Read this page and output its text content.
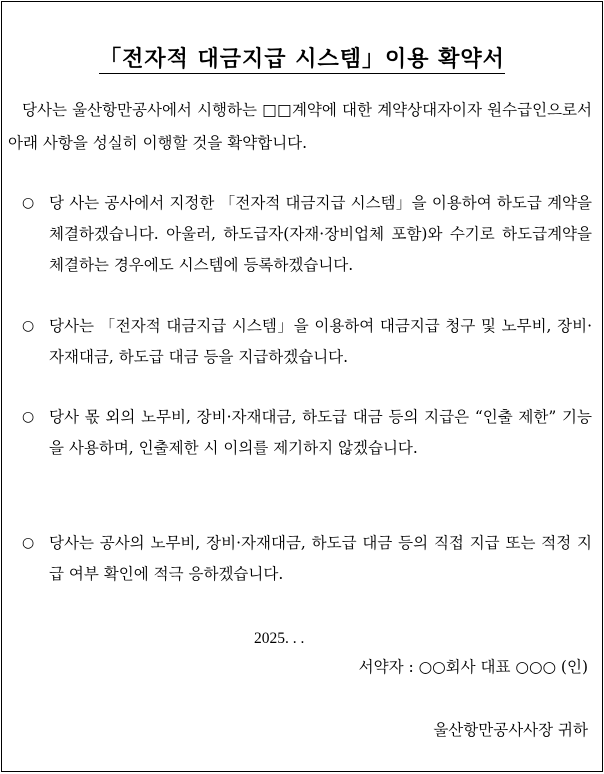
「전자적 대금지급 시스템」이용 확약서
당사는 울산항만공사에서 시행하는 □□계약에 대한 계약상대자이자 원수급인으로서 아래 사항을 성실히 이행할 것을 확약합니다.
○ 당 사는 공사에서 지정한 「전자적 대금지급 시스템」을 이용하여 하도급 계약을 체결하겠습니다. 아울러, 하도급자(자재·장비업체 포함)와 수기로 하도급계약을 체결하는 경우에도 시스템에 등록하겠습니다.
○ 당사는 「전자적 대금지급 시스템」을 이용하여 대금지급 청구 및 노무비, 장비·자재대금, 하도급 대금 등을 지급하겠습니다.
○ 당사 몫 외의 노무비, 장비·자재대금, 하도급 대금 등의 지급은 “인출 제한” 기능을 사용하며, 인출제한 시 이의를 제기하지 않겠습니다.
○ 당사는 공사의 노무비, 장비·자재대금, 하도급 대금 등의 직접 지급 또는 적정 지급 여부 확인에 적극 응하겠습니다.
2025. . .
서약자 : ○○회사 대표 ○○○ (인)
울산항만공사사장 귀하
